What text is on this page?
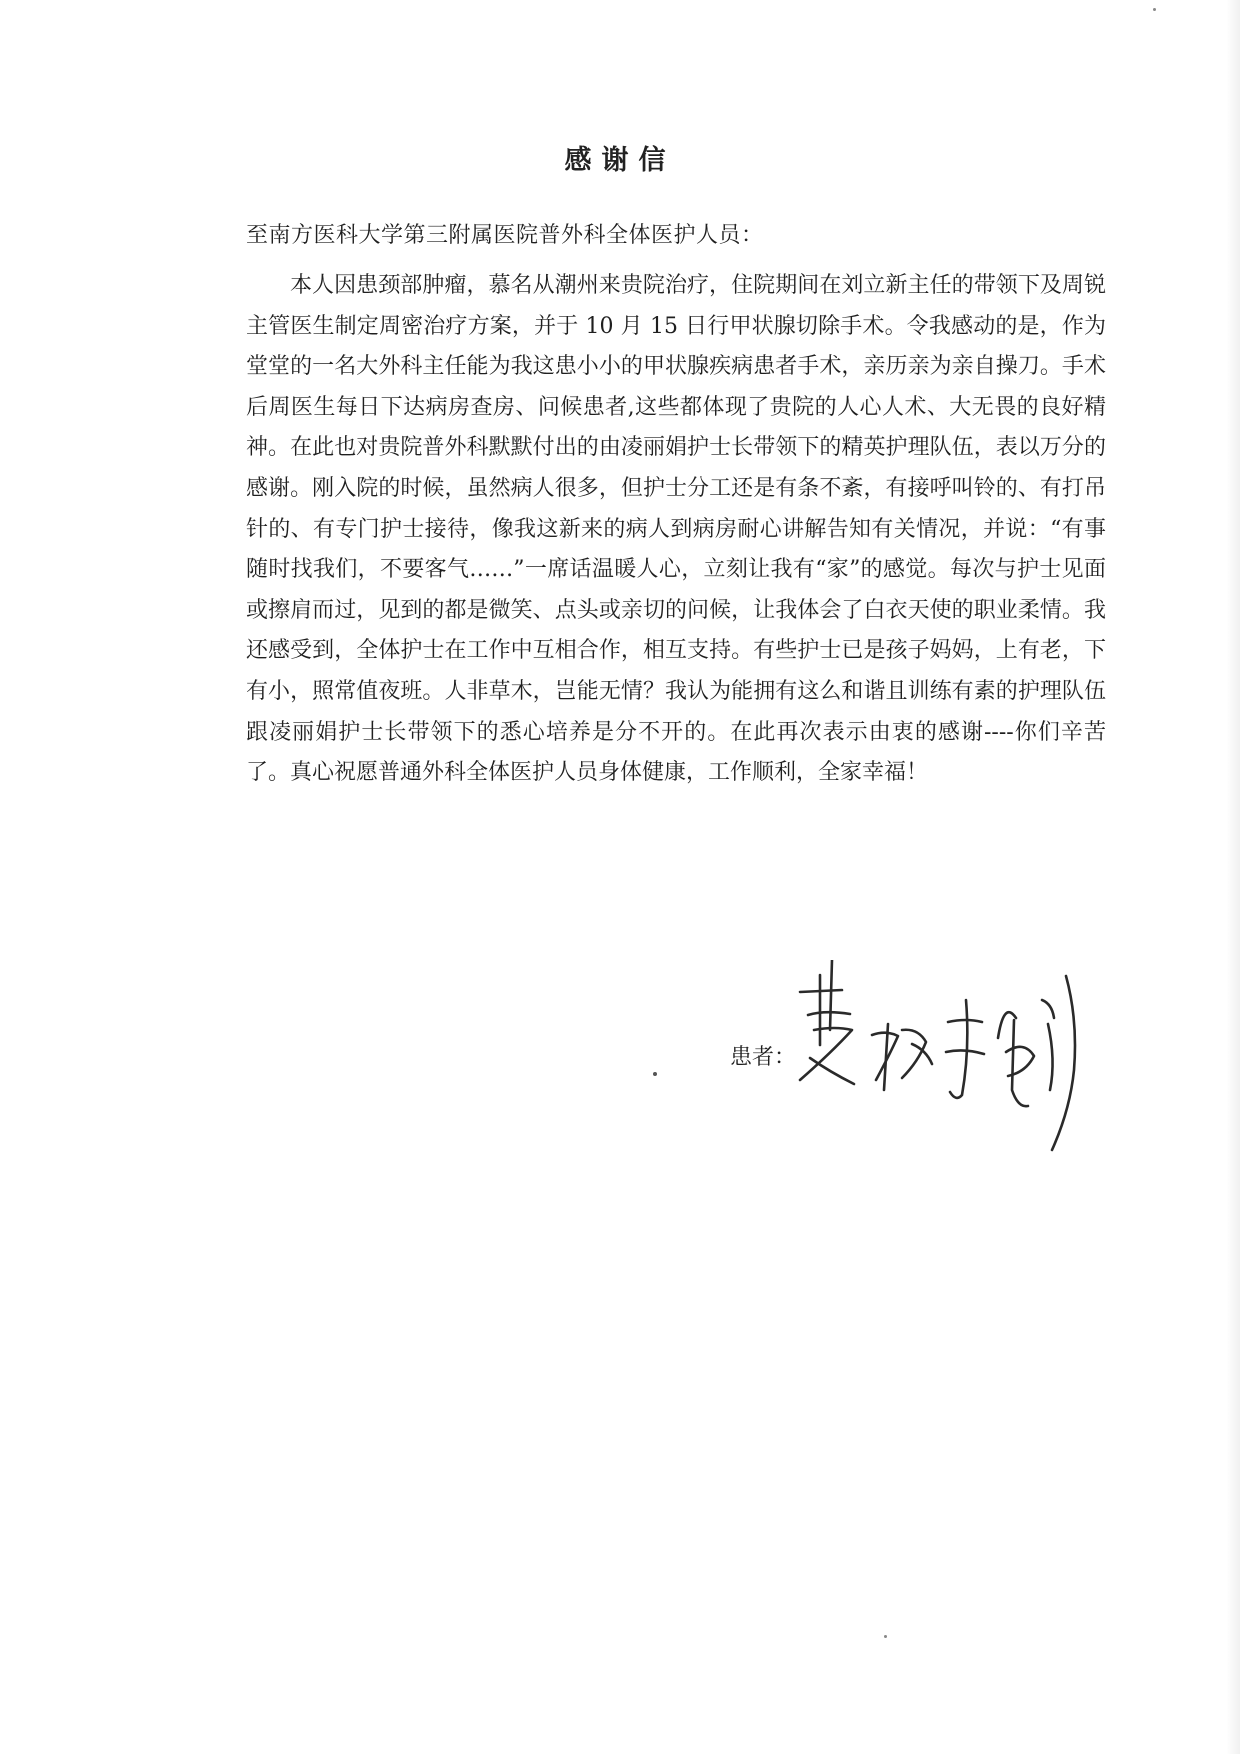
感谢信
至南方医科大学第三附属医院普外科全体医护人员：
本人因患颈部肿瘤，慕名从潮州来贵院治疗，住院期间在刘立新主任的带领下及周锐主管医生制定周密治疗方案，并于 10 月 15 日行甲状腺切除手术。令我感动的是，作为堂堂的一名大外科主任能为我这患小小的甲状腺疾病患者手术，亲历亲为亲自操刀。手术后周医生每日下达病房查房、问候患者,这些都体现了贵院的人心人术、大无畏的良好精神。在此也对贵院普外科默默付出的由凌丽娟护士长带领下的精英护理队伍，表以万分的感谢。刚入院的时候，虽然病人很多，但护士分工还是有条不紊，有接呼叫铃的、有打吊针的、有专门护士接待，像我这新来的病人到病房耐心讲解告知有关情况，并说：“有事随时找我们，不要客气……”一席话温暖人心，立刻让我有“家”的感觉。每次与护士见面或擦肩而过，见到的都是微笑、点头或亲切的问候，让我体会了白衣天使的职业柔情。我还感受到，全体护士在工作中互相合作，相互支持。有些护士已是孩子妈妈，上有老，下有小，照常值夜班。人非草木，岂能无情？我认为能拥有这么和谐且训练有素的护理队伍跟凌丽娟护士长带领下的悉心培养是分不开的。在此再次表示由衷的感谢----你们辛苦了。真心祝愿普通外科全体医护人员身体健康，工作顺利，全家幸福！
患者：
